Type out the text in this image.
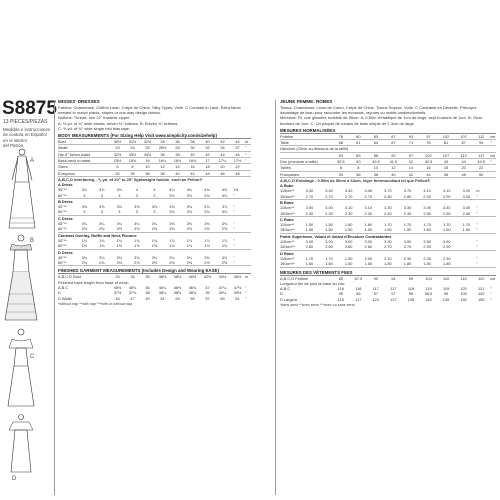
S8875
13 PIECES/PIEZAS
Medidas e instrucciones
de costura en Español
en el interior
del Patrón.
A
B
C
D
MISSES' DRESSES
Fabrics: Charmeuse, Chiffon Lawn, Crêpe de Chine, Silky Types, Voile. C Contrast in Lace. Extra fabric needed to match plaids, stripes or one-way design fabrics.
Notions: Thread, one 22" invisible zipper.
A: ⅜ yd. of ⅝" wide elastic, seven ⅜" buttons. B: Eleven ⅜" buttons.
C: ⅜ yd. of ⅝" wide single fold bias tape.
BODY MEASUREMENTS (For Sizing Help Visit www.simplicity.com/sizehelp)
Bust	30½	31½	32½	34	36	38	40	42	44	in
Waist	23	24	25	26½	28	30	32	34	37	"
Hip-9" below waist	32½	33½	34½	36	38	40	42	44	46	"
Back-neck to waist	15½	15¾	16	16¼	16½	16¾	17	17¼	17½	"
Sizes	6	8	10	12	14	16	18	20	22	
European	32	34	36	38	40	42	44	46	48	
A,B,C,D Interfacing - ⅝ yd. of 20" to 25" lightweight fusible, such as Pellon®
A Dress										
45"**	3⅞	3⅞	3⅞	4	4	4¼	4¼	4⅜	4⅜	Yd
60"**	3	3	3	3	3	3⅛	3⅛	3⅛	3⅛	"
B Dress										
45"**	3⅝	3⅝	3⅝	3⅝	3⅝	3¾	3¾	3⅞	3⅞	"
60"**	3	3	3	3	3	3⅛	3⅛	3⅛	3⅛	"
C Dress										
45"**	3¼	3¼	3¼	3¼	3¼	3⅜	3⅜	3⅜	3⅜	"
60"**	2½	2½	2½	2½	2½	2⅝	2⅝	2⅝	2⅝	"
Contrast Overlay, Ruffle and Neck Flounce										
45"**	1¾	1¾	1¾	1¾	1¾	1⅞	1⅞	1⅞	1⅞	"
60"**	1⅝	1⅝	1⅝	1⅝	1⅝	1¾	1¾	1¾	1¾	"
D Dress										
45"**	3⅛	3⅛	3⅛	3⅛	3¼	3¼	3¼	3⅜	3⅜	"
60"**	2⅜	2⅜	2⅜	2⅜	2⅜	2½	2½	2½	2½	"
FINISHED GARMENT MEASUREMENTS (Includes Design and Wearing EASE)
A,B,C,D Bust	33	34	35	36½	38½	40½	42½	44½	46½	in
Finished back length from base of neck:
A,B,C	45½	45¾	46	46¼	46½	46¾	47	47¼	47½	"
D	37½	37¾	38	38¼	38½	38¾	39	39¼	39½	"
D Width	45	47	49	51	53	55	57	59	61	"
*without nap **with nap ***with or without nap
JEUNE FEMME: ROBES
Tissus: Charmeuse, Linon de Coton, Crêpe de Chine, Tissus Soyeux, Voile. C Contraste en Dentelle. Prévoyez davantage de tissu pour raccorder les écossais, rayures ou motifs unidirectionnels.
Mercerie: Fil, une glissière invisible de 55cm. A: 0,50m d'élastique de 1cm de large, sept boutons de 1cm. B: Onze boutons de 1cm. C: Un paquet de rubans de biais simple de 1,3cm de large.
MESURES NORMALISÉES
Poitrine	78	80	83	87	92	97	102	107	112	cm
Taille	58	61	64	67	71	76	81	87	94	"
Hanches (23cm au-dessous de la taille)										
	83	85	88	92	97	102	107	112	117	cm
Dos (encolure à taille)	39.5	40	40.5	41.5	42	42.5	43	44	44.5	"
Tailles	6	8	10	12	14	16	18	20	22	
Françaises	34	36	38	40	42	44	46	48	50	
A,B,C,D Entoilage - 0.50m de 50cm à 64cm, léger thermocollant tel que Pellon®
A Robe										
115cm**	3.40	3.40	3.40	3.40	3.70	3.70	4.10	4.10	4.20	m
150cm**	2.70	2.70	2.70	2.70	2.80	2.80	2.90	2.90	3.00	"
B Robe										
115cm**	3.00	3.00	3.10	3.10	3.30	3.30	3.40	3.40	3.40	"
150cm**	2.30	2.30	2.30	2.30	2.40	2.40	2.50	2.50	2.50	"
C Robe										
115cm**	1.50	1.50	1.60	1.60	1.70	1.70	1.70	1.70	1.70	"
150cm**	1.50	1.50	1.50	1.50	1.50	1.50	1.60	1.60	1.60	"
Partie Supérieure, Volant et Volant d'Encolure Contrastantes										
115cm**	3.00	3.00	3.00	3.00	3.30	3.50	3.50	3.60		"
150cm**	2.60	2.60	2.60	2.60	2.70	2.70	2.90	2.90		"
D Robe										
115cm**	1.70	1.70	1.90	2.00	2.10	2.30	2.30	2.30		"
150cm**	1.60	1.60	1.60	1.60	1.80	1.80	1.80	1.80		"
MESURES DES VÊTEMENTS FINIS
A,B,C,D Poitrine	85	87.5	90	94	99	104	110	115	120	cm
Longueur fini de puis la base du cou:
A,B,C	116	116	117	117	118	119	119	120	121	"
D	95	96	97	97	98	98.5	99	100	100	"
D Largeur	115	117	121	127	135	140	145	150	155	"
*sans sens **avec sens ***avec ou sans sens
